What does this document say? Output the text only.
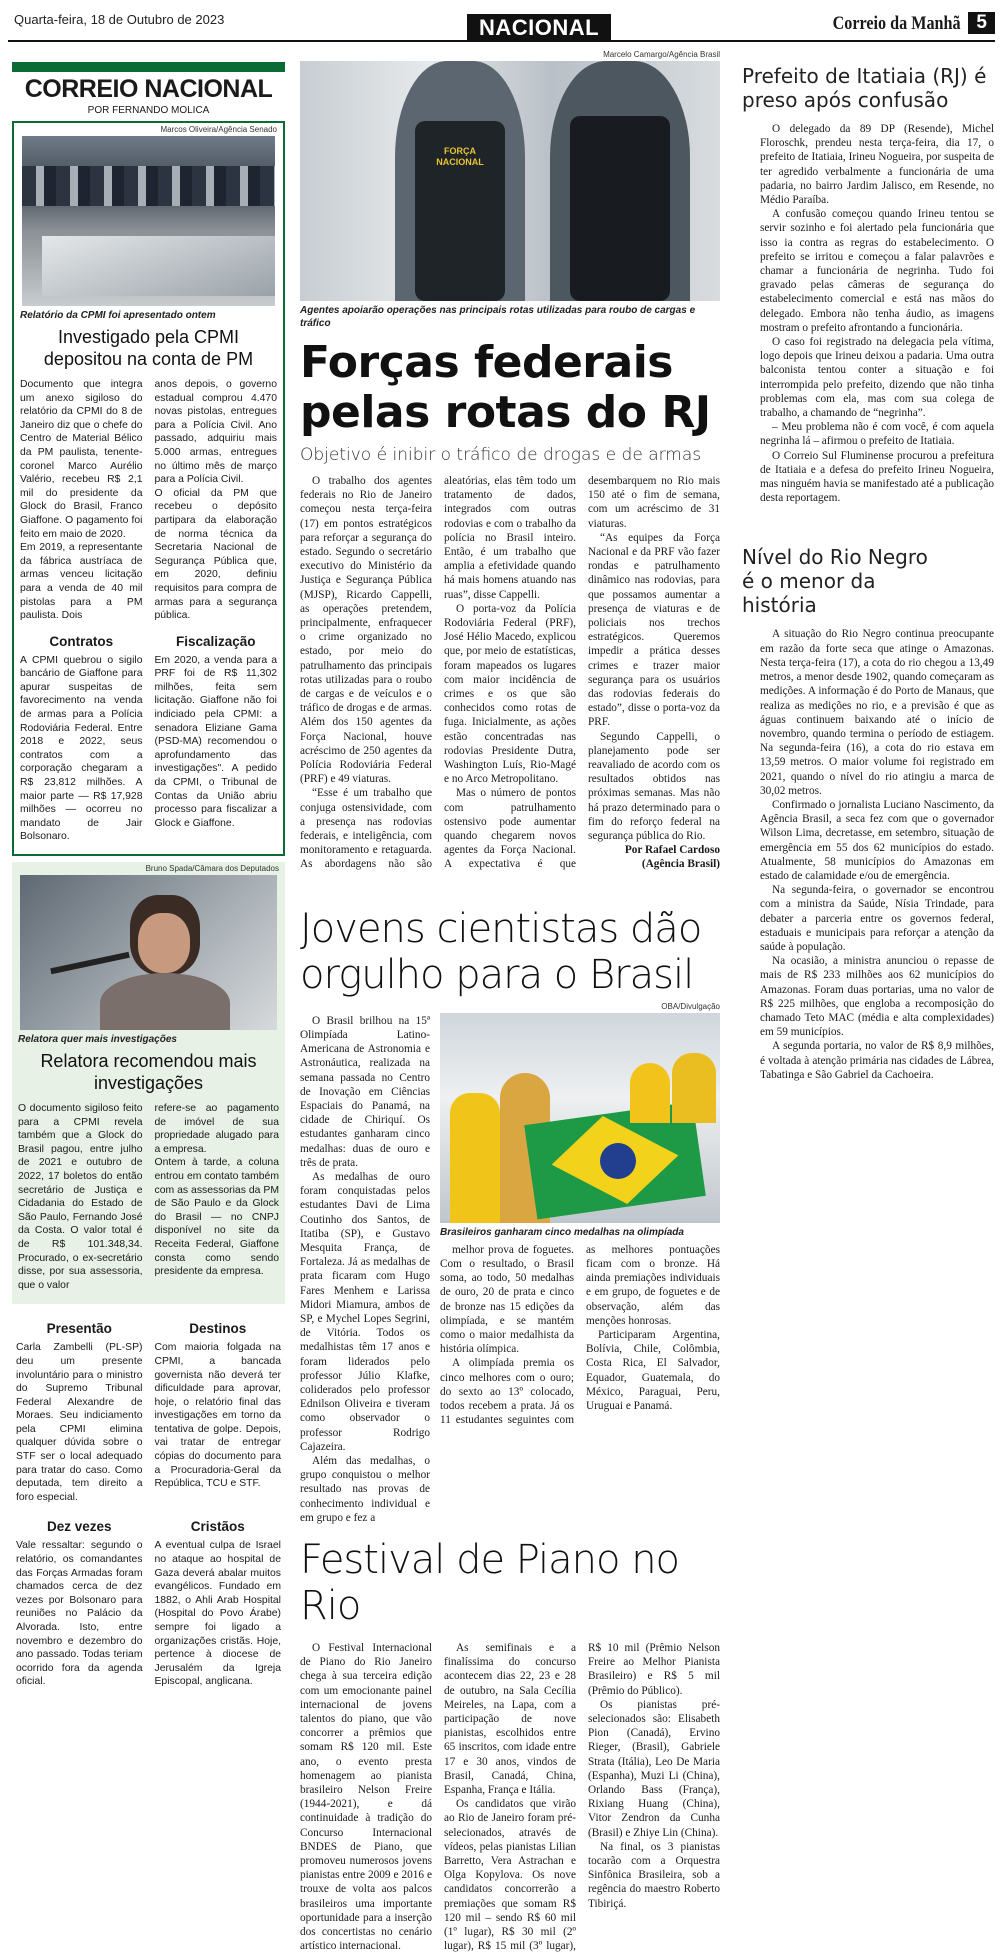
Quarta-feira, 18 de Outubro de 2023	NACIONAL	Correio da Manhã 5
CORREIO NACIONAL
POR FERNANDO MOLICA
Marcos Oliveira/Agência Senado
Relatório da CPMI foi apresentado ontem
Investigado pela CPMI depositou na conta de PM

Documento que integra um anexo sigiloso do relatório da CPMI do 8 de Janeiro diz que o chefe do Centro de Material Bélico da PM paulista, tenente-coronel Marco Aurélio Valério, recebeu R$ 2,1 mil do presidente da Glock do Brasil, Franco Giaffone. O pagamento foi feito em maio de 2020.

Em 2019, a representante da fábrica austríaca de armas venceu licitação para a venda de 40 mil pistolas para a PM paulista. Dois

anos depois, o governo estadual comprou 4.470 novas pistolas, entregues para a Polícia Civil. Ano passado, adquiriu mais 5.000 armas, entregues no último mês de março para a Polícia Civil.

O oficial da PM que recebeu o depósito partipara da elaboração de norma técnica da Secretaria Nacional de Segurança Pública que, em 2020, definiu requisitos para compra de armas para a segurança pública.

Contratos

A CPMI quebrou o sigilo bancário de Giaffone para apurar suspeitas de favorecimento na venda de armas para a Polícia Rodoviária Federal. Entre 2018 e 2022, seus contratos com a corporação chegaram a R$ 23,812 milhões. A maior parte — R$ 17,928 milhões — ocorreu no mandato de Jair Bolsonaro.

Fiscalização

Em 2020, a venda para a PRF foi de R$ 11,302 milhões, feita sem licitação. Giaffone não foi indiciado pela CPMI: a senadora Eliziane Gama (PSD-MA) recomendou o aprofundamento das investigações". A pedido da CPMI, o Tribunal de Contas da União abriu processo para fiscalizar a Glock e Giaffone.

Bruno Spada/Câmara dos Deputados
Relatora quer mais investigações
Relatora recomendou mais investigações

O documento sigiloso feito para a CPMI revela também que a Glock do Brasil pagou, entre julho de 2021 e outubro de 2022, 17 boletos do então secretário de Justiça e Cidadania do Estado de São Paulo, Fernando José da Costa. O valor total é de R$ 101.348,34. Procurado, o ex-secretário disse, por sua assessoria, que o valor

refere-se ao pagamento de imóvel de sua propriedade alugado para a empresa.

Ontem à tarde, a coluna entrou em contato também com as assessorias da PM de São Paulo e da Glock do Brasil — no CNPJ disponível no site da Receita Federal, Giaffone consta como sendo presidente da empresa.

Presentão

Carla Zambelli (PL-SP) deu um presente involuntário para o ministro do Supremo Tribunal Federal Alexandre de Moraes. Seu indiciamento pela CPMI elimina qualquer dúvida sobre o STF ser o local adequado para tratar do caso. Como deputada, tem direito a foro especial.

Destinos

Com maioria folgada na CPMI, a bancada governista não deverá ter dificuldade para aprovar, hoje, o relatório final das investigações em torno da tentativa de golpe. Depois, vai tratar de entregar cópias do documento para a Procuradoria-Geral da República, TCU e STF.

Dez vezes

Vale ressaltar: segundo o relatório, os comandantes das Forças Armadas foram chamados cerca de dez vezes por Bolsonaro para reuniões no Palácio da Alvorada. Isto, entre novembro e dezembro do ano passado. Todas teriam ocorrido fora da agenda oficial.

Cristãos

A eventual culpa de Israel no ataque ao hospital de Gaza deverá abalar muitos evangélicos. Fundado em 1882, o Ahli Arab Hospital (Hospital do Povo Árabe) sempre foi ligado a organizações cristãs. Hoje, pertence à diocese de Jerusalém da Igreja Episcopal, anglicana.

Marcelo Camargo/Agência Brasil
FORÇA NACIONAL
Agentes apoiarão operações nas principais rotas utilizadas para roubo de cargas e tráfico
Forças federais pelas rotas do RJ
Objetivo é inibir o tráfico de drogas e de armas

O trabalho dos agentes federais no Rio de Janeiro começou nesta terça-feira (17) em pontos estratégicos para reforçar a segurança do estado. Segundo o secretário executivo do Ministério da Justiça e Segurança Pública (MJSP), Ricardo Cappelli, as operações pretendem, principalmente, enfraquecer o crime organizado no estado, por meio do patrulhamento das principais rotas utilizadas para o roubo de cargas e de veículos e o tráfico de drogas e de armas. Além dos 150 agentes da Força Nacional, houve acréscimo de 250 agentes da Polícia Rodoviária Federal (PRF) e 49 viaturas.

“Esse é um trabalho que conjuga ostensividade, com a presença nas rodovias federais, e inteligência, com monitoramento e retaguarda. As abordagens não são aleatórias, elas têm todo um tratamento de dados, integrados com outras rodovias e com o trabalho da polícia no Brasil inteiro. Então, é um trabalho que amplia a efetividade quando há mais homens atuando nas ruas”, disse Cappelli.

O porta-voz da Polícia Rodoviária Federal (PRF), José Hélio Macedo, explicou que, por meio de estatísticas, foram mapeados os lugares com maior incidência de crimes e os que são conhecidos como rotas de fuga. Inicialmente, as ações estão concentradas nas rodovias Presidente Dutra, Washington Luís, Rio-Magé e no Arco Metropolitano.

Mas o número de pontos com patrulhamento ostensivo pode aumentar quando chegarem novos agentes da Força Nacional. A expectativa é que desembarquem no Rio mais 150 até o fim de semana, com um acréscimo de 31 viaturas.

“As equipes da Força Nacional e da PRF vão fazer rondas e patrulhamento dinâmico nas rodovias, para que possamos aumentar a presença de viaturas e de policiais nos trechos estratégicos. Queremos impedir a prática desses crimes e trazer maior segurança para os usuários das rodovias federais do estado”, disse o porta-voz da PRF.

Segundo Cappelli, o planejamento pode ser reavaliado de acordo com os resultados obtidos nas próximas semanas. Mas não há prazo determinado para o fim do reforço federal na segurança pública do Rio.

Por Rafael Cardoso
(Agência Brasil)
Jovens cientistas dão orgulho para o Brasil

O Brasil brilhou na 15ª Olimpíada Latino-Americana de Astronomia e Astronáutica, realizada na semana passada no Centro de Inovação em Ciências Espaciais do Panamá, na cidade de Chiriquí. Os estudantes ganharam cinco medalhas: duas de ouro e três de prata.

As medalhas de ouro foram conquistadas pelos estudantes Davi de Lima Coutinho dos Santos, de Itatiba (SP), e Gustavo Mesquita França, de Fortaleza. Já as medalhas de prata ficaram com Hugo Fares Menhem e Larissa Midori Miamura, ambos de SP, e Mychel Lopes Segrini, de Vitória. Todos os medalhistas têm 17 anos e foram liderados pelo professor Júlio Klafke, coliderados pelo professor Ednilson Oliveira e tiveram como observador o professor Rodrigo Cajazeira.

Além das medalhas, o grupo conquistou o melhor resultado nas provas de conhecimento individual e em grupo e fez a

OBA/Divulgação
Brasileiros ganharam cinco medalhas na olimpíada

melhor prova de foguetes. Com o resultado, o Brasil soma, ao todo, 50 medalhas de ouro, 20 de prata e cinco de bronze nas 15 edições da olimpíada, e se mantém como o maior medalhista da história olímpica.

A olimpíada premia os cinco melhores com o ouro; do sexto ao 13º colocado, todos recebem a prata. Já os 11 estudantes seguintes com as melhores pontuações ficam com o bronze. Há ainda premiações individuais e em grupo, de foguetes e de observação, além das menções honrosas.

Participaram Argentina, Bolívia, Chile, Colômbia, Costa Rica, El Salvador, Equador, Guatemala, do México, Paraguai, Peru, Uruguai e Panamá.

Festival de Piano no Rio

O Festival Internacional de Piano do Rio Janeiro chega à sua terceira edição com um emocionante painel internacional de jovens talentos do piano, que vão concorrer a prêmios que somam R$ 120 mil. Este ano, o evento presta homenagem ao pianista brasileiro Nelson Freire (1944-2021), e dá continuidade à tradição do Concurso Internacional BNDES de Piano, que promoveu numerosos jovens pianistas entre 2009 e 2016 e trouxe de volta aos palcos brasileiros uma importante oportunidade para a inserção dos concertistas no cenário artístico internacional.

As semifinais e a finalíssima do concurso acontecem dias 22, 23 e 28 de outubro, na Sala Cecília Meireles, na Lapa, com a participação de nove pianistas, escolhidos entre 65 inscritos, com idade entre 17 e 30 anos, vindos de Brasil, Canadá, China, Espanha, França e Itália.

Os candidatos que virão ao Rio de Janeiro foram pré-selecionados, através de vídeos, pelas pianistas Lilian Barretto, Vera Astrachan e Olga Kopylova. Os nove candidatos concorrerão a premiações que somam R$ 120 mil – sendo R$ 60 mil (1º lugar), R$ 30 mil (2º lugar), R$ 15 mil (3º lugar), R$ 10 mil (Prêmio Nelson Freire ao Melhor Pianista Brasileiro) e R$ 5 mil (Prêmio do Público).

Os pianistas pré-selecionados são: Elisabeth Pion (Canadá), Ervino Rieger, (Brasil), Gabriele Strata (Itália), Leo De Maria (Espanha), Muzi Li (China), Orlando Bass (França), Rixiang Huang (China), Vitor Zendron da Cunha (Brasil) e Zhiye Lin (China).

Na final, os 3 pianistas tocarão com a Orquestra Sinfônica Brasileira, sob a regência do maestro Roberto Tibiriçá.

Prefeito de Itatiaia (RJ) é preso após confusão

O delegado da 89 DP (Resende), Michel Floroschk, prendeu nesta terça-feira, dia 17, o prefeito de Itatiaia, Irineu Nogueira, por suspeita de ter agredido verbalmente a funcionária de uma padaria, no bairro Jardim Jalisco, em Resende, no Médio Paraíba.

A confusão começou quando Irineu tentou se servir sozinho e foi alertado pela funcionária que isso ia contra as regras do estabelecimento. O prefeito se irritou e começou a falar palavrões e chamar a funcionária de negrinha. Tudo foi gravado pelas câmeras de segurança do estabelecimento comercial e está nas mãos do delegado. Embora não tenha áudio, as imagens mostram o prefeito afrontando a funcionária.

O caso foi registrado na delegacia pela vítima, logo depois que Irineu deixou a padaria. Uma outra balconista tentou conter a situação e foi interrompida pelo prefeito, dizendo que não tinha problemas com ela, mas com sua colega de trabalho, a chamando de “negrinha”.

– Meu problema não é com você, é com aquela negrinha lá – afirmou o prefeito de Itatiaia.

O Correio Sul Fluminense procurou a prefeitura de Itatiaia e a defesa do prefeito Irineu Nogueira, mas ninguém havia se manifestado até a publicação desta reportagem.

Nível do Rio Negro é o menor da história

A situação do Rio Negro continua preocupante em razão da forte seca que atinge o Amazonas. Nesta terça-feira (17), a cota do rio chegou a 13,49 metros, a menor desde 1902, quando começaram as medições. A informação é do Porto de Manaus, que realiza as medições no rio, e a previsão é que as águas continuem baixando até o início de novembro, quando termina o período de estiagem. Na segunda-feira (16), a cota do rio estava em 13,59 metros. O maior volume foi registrado em 2021, quando o nível do rio atingiu a marca de 30,02 metros.

Confirmado o jornalista Luciano Nascimento, da Agência Brasil, a seca fez com que o governador Wilson Lima, decretasse, em setembro, situação de emergência em 55 dos 62 municípios do estado. Atualmente, 58 municípios do Amazonas em estado de calamidade e/ou de emergência.

Na segunda-feira, o governador se encontrou com a ministra da Saúde, Nísia Trindade, para debater a parceria entre os governos federal, estaduais e municipais para reforçar a atenção da saúde à população.

Na ocasião, a ministra anunciou o repasse de mais de R$ 233 milhões aos 62 municípios do Amazonas. Foram duas portarias, uma no valor de R$ 225 milhões, que engloba a recomposição do chamado Teto MAC (média e alta complexidades) em 59 municípios.

A segunda portaria, no valor de R$ 8,9 milhões, é voltada à atenção primária nas cidades de Lábrea, Tabatinga e São Gabriel da Cachoeira.
